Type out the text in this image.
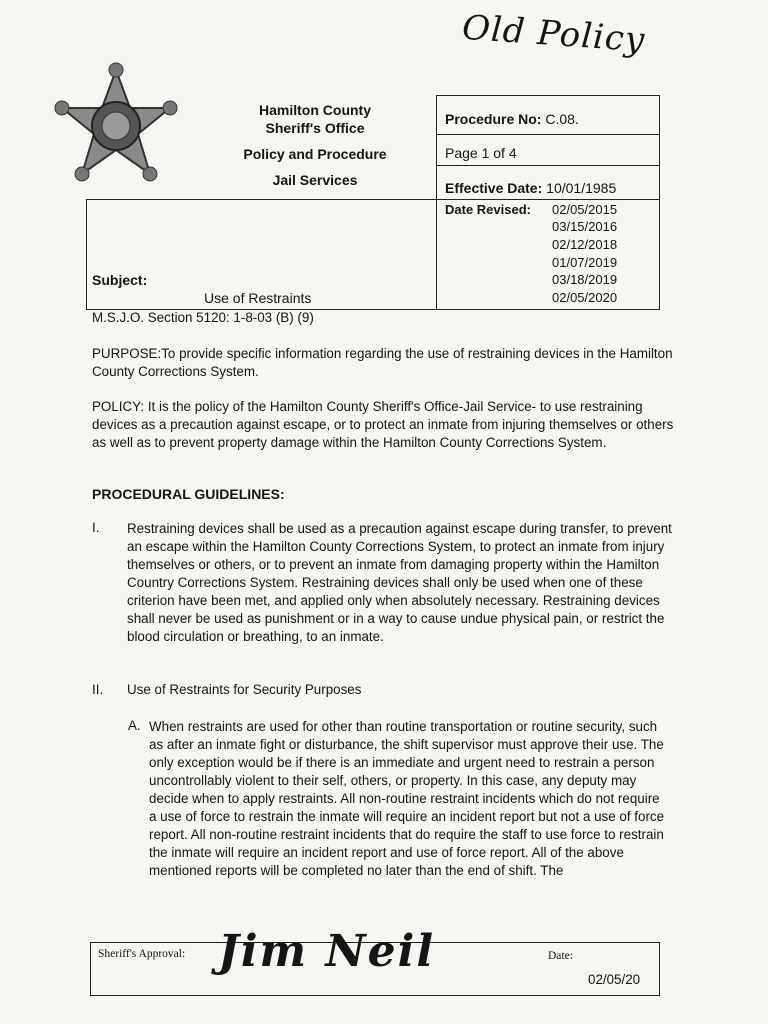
Old Policy
Hamilton County
Sheriff's Office
Policy and Procedure
Jail Services
Procedure No: C.08.
Page 1 of 4
Effective Date: 10/01/1985
Date Revised: 02/05/2015
03/15/2016
02/12/2018
01/07/2019
03/18/2019
02/05/2020
Subject:
Use of Restraints
M.S.J.O. Section 5120: 1-8-03 (B) (9)

PURPOSE:To provide specific information regarding the use of restraining devices in the Hamilton County Corrections System.

POLICY: It is the policy of the Hamilton County Sheriff's Office-Jail Service- to use restraining devices as a precaution against escape, or to protect an inmate from injuring themselves or others as well as to prevent property damage within the Hamilton County Corrections System.

PROCEDURAL GUIDELINES:
I. Restraining devices shall be used as a precaution against escape during transfer, to prevent an escape within the Hamilton County Corrections System, to protect an inmate from injury themselves or others, or to prevent an inmate from damaging property within the Hamilton Country Corrections System. Restraining devices shall only be used when one of these criterion have been met, and applied only when absolutely necessary. Restraining devices shall never be used as punishment or in a way to cause undue physical pain, or restrict the blood circulation or breathing, to an inmate.

II. Use of Restraints for Security Purposes
A. When restraints are used for other than routine transportation or routine security, such as after an inmate fight or disturbance, the shift supervisor must approve their use. The only exception would be if there is an immediate and urgent need to restrain a person uncontrollably violent to their self, others, or property. In this case, any deputy may decide when to apply restraints. All non-routine restraint incidents which do not require a use of force to restrain the inmate will require an incident report but not a use of force report. All non-routine restraint incidents that do require the staff to use force to restrain the inmate will require an incident report and use of force report. All of the above mentioned reports will be completed no later than the end of shift. The

Sheriff's Approval: Jim Neil	Date:
02/05/20
